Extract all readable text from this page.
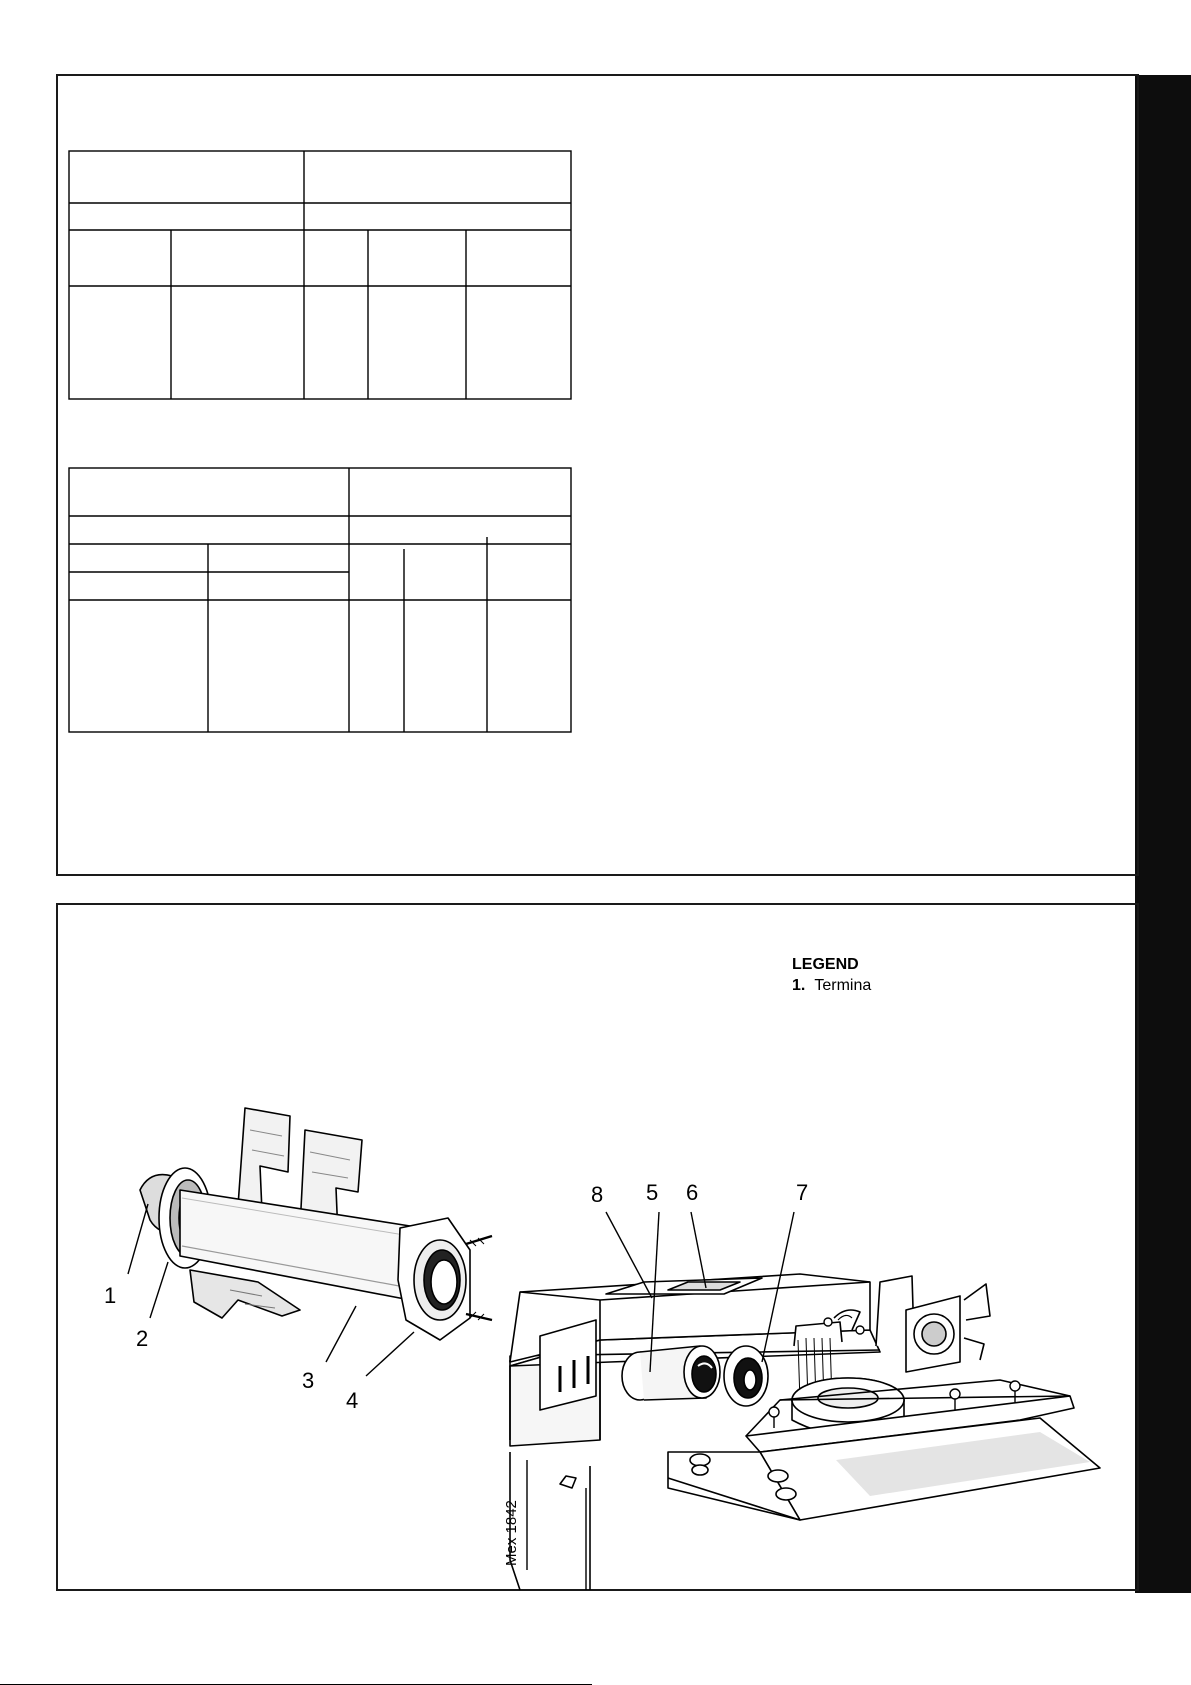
LEGEND
1. Termina
1
2
3
4
8 5 6	7
Mex 1842
